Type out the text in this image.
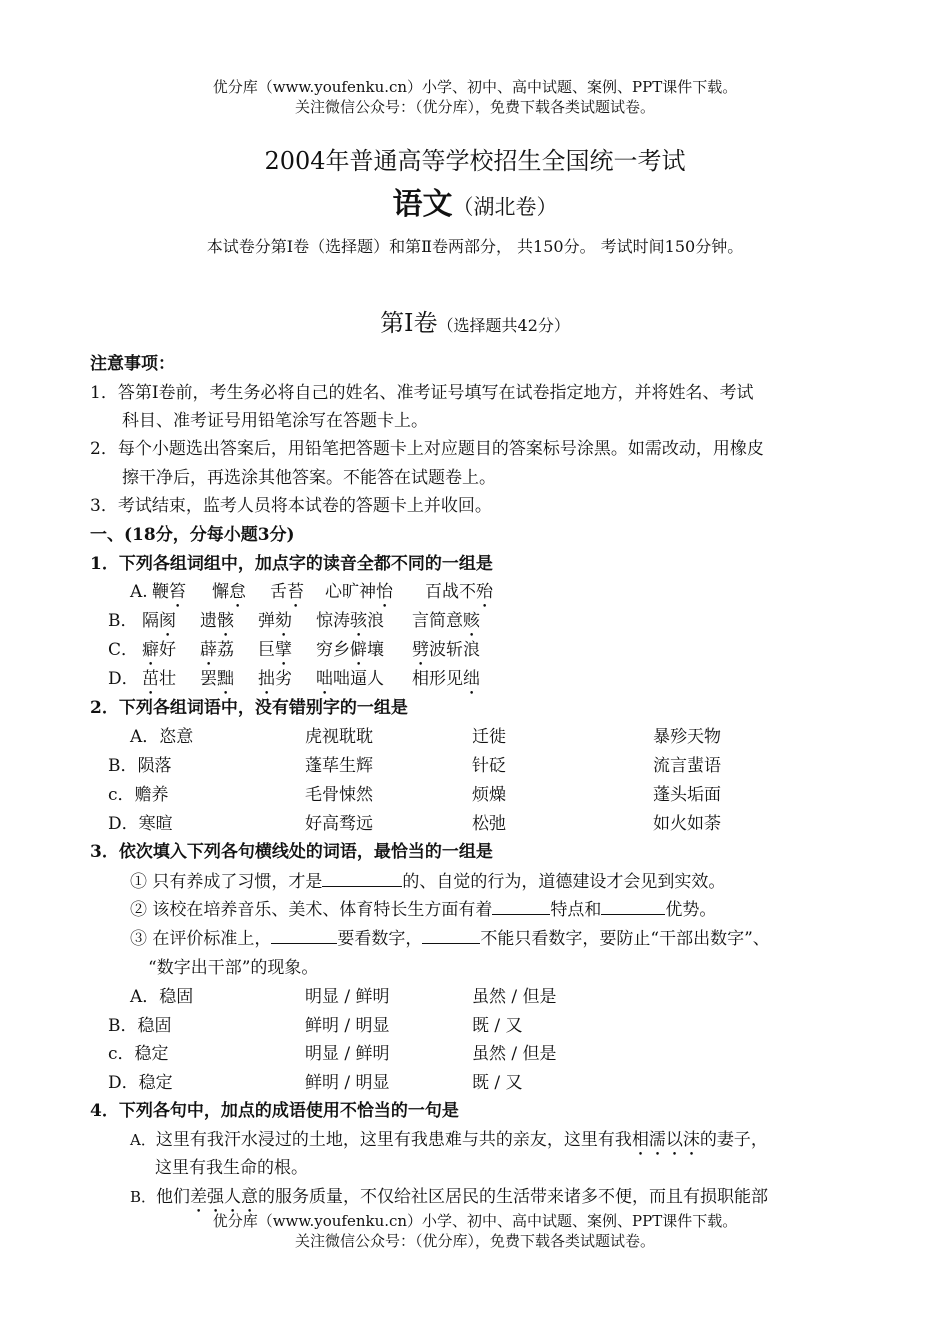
优分库（www.youfenku.cn）小学、初中、高中试题、案例、PPT课件下载。
关注微信公众号：（优分库），免费下载各类试题试卷。
2004年普通高等学校招生全国统一考试
语文（湖北卷）
本试卷分第Ⅰ卷（选择题）和第Ⅱ卷两部分， 共150分。 考试时间150分钟。
第Ⅰ卷（选择题共42分）
注意事项：
1．答第Ⅰ卷前，考生务必将自己的姓名、准考证号填写在试卷指定地方，并将姓名、考试
科目、准考证号用铅笔涂写在答题卡上。
2．每个小题选出答案后，用铅笔把答题卡上对应题目的答案标号涂黑。如需改动，用橡皮
擦干净后，再选涂其他答案。不能答在试题卷上。
3．考试结束，监考人员将本试卷的答题卡上并收回。
一、(18分，分每小题3分)
1．下列各组词组中，加点字的读音全都不同的一组是
A. 鞭笞 懈怠 舌苔 心旷神怡 百战不殆
B． 隔阂 遗骸 弹劾 惊涛骇浪 言简意赅
C． 癖好 薜荔 巨擘 穷乡僻壤 劈波斩浪
D． 茁壮 罢黜 拙劣 咄咄逼人 相形见绌
2．下列各组词语中，没有错别字的一组是
A．恣意	虎视耽耽	迁徙	暴殄天物
B．陨落	蓬荜生辉	针砭	流言蜚语
c．赡养	毛骨悚然	烦燥	蓬头垢面
D．寒暄	好高骛远	松弛	如火如荼
3．依次填入下列各句横线处的词语，最恰当的一组是
① 只有养成了习惯，才是	的、自觉的行为，道德建设才会见到实效。
② 该校在培养音乐、美术、体育特长生方面有着	特点和	优势。
③ 在评价标准上，	要看数字，	不能只看数字，要防止“干部出数字”、
“数字出干部”的现象。
A．稳固	明显 / 鲜明	虽然 / 但是
B．稳固	鲜明 / 明显	既 / 又
c．稳定	明显 / 鲜明	虽然 / 但是
D．稳定	鲜明 / 明显	既 / 又
4．下列各句中，加点的成语使用不恰当的一句是
A．这里有我汗水浸过的土地，这里有我患难与共的亲友，这里有我相濡以沫的妻子，
这里有我生命的根。
B．他们差强人意的服务质量，不仅给社区居民的生活带来诸多不便，而且有损职能部
优分库（www.youfenku.cn）小学、初中、高中试题、案例、PPT课件下载。
关注微信公众号：（优分库），免费下载各类试题试卷。
